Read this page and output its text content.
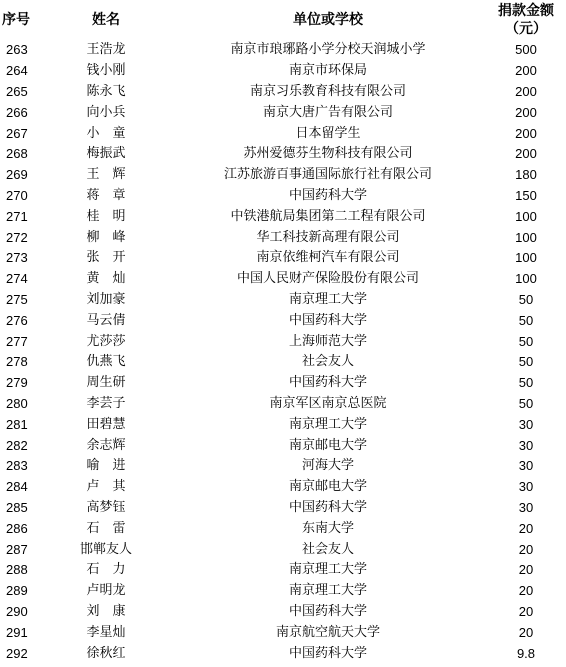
序号	姓名	单位或学校	捐款金额
（元）

263	王浩龙	南京市琅琊路小学分校天润城小学	500
264	钱小刚	南京市环保局	200
265	陈永飞	南京习乐教育科技有限公司	200
266	向小兵	南京大唐广告有限公司	200
267	小　童	日本留学生	200
268	梅振武	苏州爱德芬生物科技有限公司	200
269	王　辉	江苏旅游百事通国际旅行社有限公司	180
270	蒋　章	中国药科大学	150
271	桂　明	中铁港航局集团第二工程有限公司	100
272	柳　峰	华工科技新高理有限公司	100
273	张　开	南京依维柯汽车有限公司	100
274	黄　灿	中国人民财产保险股份有限公司	100
275	刘加豪	南京理工大学	50
276	马云倩	中国药科大学	50
277	尤莎莎	上海师范大学	50
278	仇燕飞	社会友人	50
279	周生研	中国药科大学	50
280	李芸子	南京军区南京总医院	50
281	田碧慧	南京理工大学	30
282	余志辉	南京邮电大学	30
283	喻　进	河海大学	30
284	卢　其	南京邮电大学	30
285	高梦钰	中国药科大学	30
286	石　雷	东南大学	20
287	邯郸友人	社会友人	20
288	石　力	南京理工大学	20
289	卢明龙	南京理工大学	20
290	刘　康	中国药科大学	20
291	李星灿	南京航空航天大学	20
292	徐秋红	中国药科大学	9.8
